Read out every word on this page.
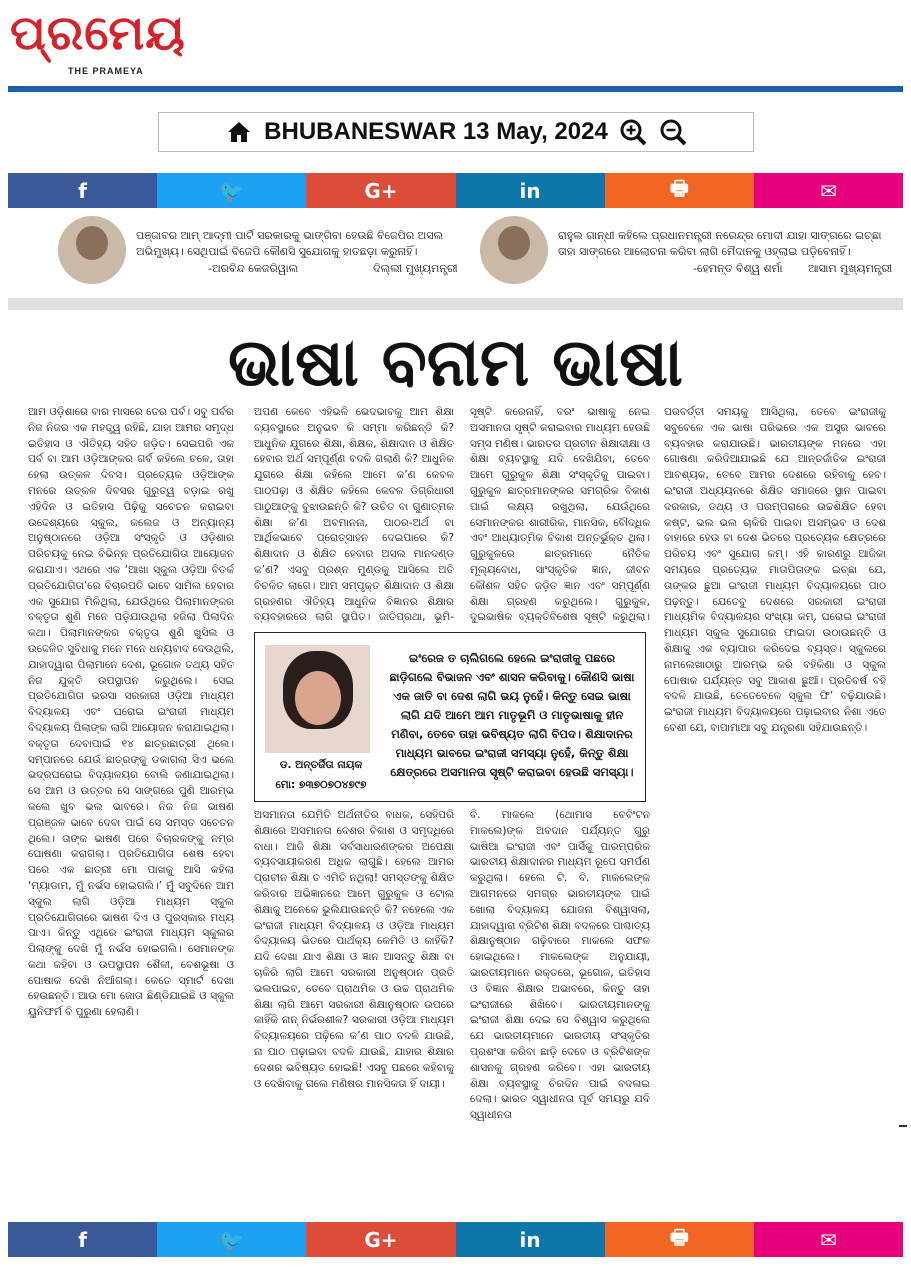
ପ୍ରମେୟ
THE PRAMEYA
BHUBANESWAR 13 May, 2024
f	🐦	G+	in	🖶	✉
ପଞ୍ଜାବର ଆମ୍ ଆଦ୍ମୀ ପାର୍ଟି ସରକାରକୁ ଭାଙ୍ଗିବା ହେଉଛି ବିଜେପିର ଅସଲ ଅଭିମୁଖ୍ୟ। ସେଥିପାଇଁ ବିଜେପି କୌଣସି ସୁଯୋଗକୁ ହାତଛଡ଼ା କରୁନାହିଁ।
-ଅରବିନ୍ଦ କେଜରିୱାଲ	ଦିଲ୍ଲୀ ମୁଖ୍ୟମନ୍ତ୍ରୀ
ରାହୁଲ ଗାନ୍ଧୀ କହିଲେ ପ୍ରଧାନମନ୍ତ୍ରୀ ନରେନ୍ଦ୍ର ମୋଦୀ ଯାହା ସାଙ୍ଗରେ ଇଚ୍ଛା ତାହା ସାଙ୍ଗରେ ଆଲୋଚନା କରିବା ଲାଗି ମୈଦାନକୁ ଓହ୍ଲାଇ ପଡ଼ିବେନାହିଁ।
-ହେମନ୍ତ ବିଶ୍ୱ ଶର୍ମା ଆସାମ ମୁଖ୍ୟମନ୍ତ୍ରୀ
ଭାଷା ବନାମ ଭାଷା
ଆମ ଓଡ଼ିଶାରେ ବାର ମାସରେ ତେର ପର୍ବ। ସବୁ ପର୍ବର ନିଜ ନିଜର ଏକ ମହତ୍ତ୍ୱ ରହିଛି, ଯାହା ଆମର ସମୃଦ୍ଧ ଇତିହାସ ଓ ଐତିହ୍ୟ ସହିତ ଜଡ଼ିତ। ସେଇପରି ଏକ ପର୍ବ ବା ଆମ ଓଡ଼ିଆଙ୍କର ଗର୍ବ କହିଲେ ଚଳେ, ତାହା ହେଲା ଉତ୍କଳ ଦିବସ। ପ୍ରତେ୍ୟକ ଓଡ଼ିଆଙ୍କ ମନରେ ଉତ୍କଳ ଦିବସର ଗୁରୁତ୍ୱ ବଡ଼ାଇ ରଖୁ ଏହିଦିନ ଓ ଇତିହାସ ପିଢ଼ିକୁ ସଚେତନ କରାଇବା ଉଦ୍ଦେଶ୍ୟରେ ସ୍କୁଲ, କଲେଜ ଓ ଅନ୍ୟାନ୍ୟ ଅନୁଷ୍ଠାନରେ ଓଡ଼ିଆ ସଂସ୍କୃତି ଓ ଓଡ଼ିଶାର ପରିଚୟକୁ ନେଇ ବିଭିନ୍ନ ପ୍ରତିଯୋଗିତା ଆୟୋଜନ କରାଯାଏ। ଏଥରେ ଏକ ‘ଆଖା ସ୍କୁଲ ଓଡ଼ିଆ ବିତର୍କ ପ୍ରତିଯୋଗିତା’ରେ ବିଚାରପତି ଭାବେ ସାମିଲ ହେବାର ଏକ ସୁଯୋଗ ମିଳିଥିଲା, ଯେଉଁଥିରେ ପିଲାମାନଙ୍କର ବକ୍ତୃତା ଶୁଣି ମନେ ପଡ଼ିଯାଉଥିଲା ହଜିଲା ପିଲାଦିନ କଥା। ପିଲାମାନଙ୍କର ବକ୍ତୃତା ଶୁଣି ଖୁସିଲ ଓ ଉଦ୍ଦେଳିତ ସୁବିଧାକୁ ମନେ ମନେ ଧନ୍ୟବାଦ ଦେଉଥିଲି, ଯାହାଦ୍ୱାରା ପିଲାମାନେ ଦେଶ, ଭୂଗୋଳ ତଥ୍ୟ ସହିତ ନିଜ ଯୁକ୍ତି ଉପସ୍ଥାପନ କରୁଥିଲେ। ସେଇ ପ୍ରତିଯୋଗିତା ଭରସା ସରକାରୀ ଓଡ଼ିଆ ମାଧ୍ୟମ ବିଦ୍ୟାଳୟ ଏବଂ ଘରୋଇ ଇଂରାଜୀ ମାଧ୍ୟମ ବିଦ୍ୟାଳୟ ପିଲାଙ୍କ ଲାଗି ଆୟୋଜନ କରାଯାଇଥିଲା। ବକ୍ତୃତା ଦେବାପାଇଁ ୧୪ ଛାତ୍ରଛାତ୍ରୀ ଥିଲେ। ସମ୍ପାନରେ ଯେଉଁ ଛାତ୍ରଙ୍କୁ ଡକାଗଲା ସିଏ ଭଲେ ଭଦ୍ରଘରୋଇ ବିଦ୍ୟାଳୟର ବୋଲି ଜଣାଯାଇଥିଲା। ସେ ଆମ ଓ ଉତ୍ତର ସେ ସାଙ୍ଗରେ ପୁଣି ଆରମ୍ଭ କଲେ ଖୁବ ଭଲ ଭାବରେ। ନିଜ ନିଜ ଭାଷଣ ପ୍ରାଞ୍ଜଳ ଭାବେ ଦେବା ପାଇଁ ସେ ସମସ୍ତ ସଚେତନ ଥିଲେ। ତାଙ୍କ ଭାଷଣ ପରେ ବିଚାରକଙ୍କୁ ନମ୍ର ଘୋଷଣା କରାଗଲା। ପ୍ରତିଯୋଗିତା ଶେଷ ହେବା ପରେ ଏକ ଛାତ୍ରୀ ମୋ ପାଖକୁ ଆସି କହିଲା ‘ମ୍ୟାଡାମ, ମୁଁ ନର୍ଭସ ହୋଇଗଲି।’ ମୁଁ ସବୁଦିନେ ଆମ ସ୍କୁଲ ଲାଗି ଓଡ଼ିଆ ମାଧ୍ୟମ ସ୍କୁଲ ପ୍ରତିଯୋଗିତାରେ ଭାଷଣ ଦିଏ ଓ ପୁରସ୍କାର ମଧ୍ୟ ପାଏ। କିନ୍ତୁ ଏଥିରେ ଇଂରାଜୀ ମାଧ୍ୟମ ସ୍କୁଲର ପିଲାଙ୍କୁ ଦେଖି ମୁଁ ନର୍ଭସ ହୋଇଗଲି। ସେମାନଙ୍କ କଥା କହିବା ଓ ଉପସ୍ଥାପନ ଶୈଳୀ, ବେଶଭୂଷା ଓ ପୋଷାକ ଦେଖି ନିଆଁଗଲା। କେତେ ସ୍ମାର୍ଟ ଦେଖା ହେଉଛନ୍ତି। ଆଉ ମୋ ଜୋତା ଛିଣ୍ଡିଯାଇଛି ଓ ସ୍କୁଲ ୟୁନିଫର୍ମ ବି ପୁରୁଣା ହେଲାଣି।
ଅପଣ କେବେ ଏହିଭଳି ଭେଦଭାବକୁ ଆମ ଶିକ୍ଷା ବ୍ୟବସ୍ଥାରେ ଅନୁଭବ କି ସମ୍ମା କରିଛନ୍ତି କି? ଆଧୁନିକ ଯୁଗରେ ଶିକ୍ଷା, ଶିକ୍ଷକ, ଶିକ୍ଷାଦାନ ଓ ଶିକ୍ଷିତ ହେବାର ଅର୍ଥ ସମ୍ପୂର୍ଣ୍ଣ ବଦଳି ଗଲାଣି କି? ଆଧୁନିକ ଯୁଗରେ ଶିକ୍ଷା କହିଲେ ଆମେ କ’ଣ କେବଳ ପାଠପଢ଼ା ଓ ଶିକ୍ଷିତ କହିଲେ କେବଳ ଡିଗ୍ରିଧାରୀ ପାଠୁଆଙ୍କୁ ବୁଝାଉଛନ୍ତି କି? ଉଚିତ ବା ଗୁଣାତ୍ମକ ଶିକ୍ଷା କ’ଣ ଅବମାନନା, ପାଠର-ଅର୍ଥ ବା ଆର୍ଥିକଭାବେ ପ୍ରୋତ୍ସାହନ ଦେଇପାରେ କି? ଶିକ୍ଷାଦାନ ଓ ଶିକ୍ଷିତ ହେବାର ଅସଲ ମାନଦଣ୍ଡ କ’ଣ? ଏସବୁ ପ୍ରଶ୍ନ ମୁଣ୍ଡକୁ ଆସିଲେ ଅତି ବିଚଳିତ ଲାଗେ। ଆମ ସମ୍ପୃକ୍ତ ଶିକ୍ଷାଦାନ ଓ ଶିକ୍ଷା ଗ୍ରହଣର ଐତିହ୍ୟ ଆଧୁନିକ ବିଜ୍ଞାନର ଶିକ୍ଷାର ବ୍ୟବହାରରେ ଲାଗି ସ୍ଥାପିତ। ଜାତିପ୍ରଥା, ଭୂମି-
ସୃଷ୍ଟି କରେନାହିଁ, ବରଂ ଭାଷାକୁ ନେଇ ଅସମାନତା ସୃଷ୍ଟି କରାଇବାର ମାଧ୍ୟମ ହେଉଛି ସମ୍ସ ମଣିଷ। ଭାରତର ପ୍ରଚୀନ ଶିକ୍ଷାଦୀକ୍ଷା ଓ ଶିକ୍ଷା ବ୍ୟବସ୍ଥାକୁ ଯଦି ଦେଖିଯିବା, ତେବେ ଆମେ ଗୁରୁକୁଳ ଶିକ୍ଷା ସଂସ୍କୃତିକୁ ପାଇବା। ଗୁରୁକୁଳ ଛାତ୍ରମାନଙ୍କର ସମଗ୍ରିକ ବିକାଶ ପାଇଁ ଲକ୍ଷ୍ୟ ରଖୁଥିଲା, ଯେଉଁଥିରେ ସେମାନଙ୍କର ଶାରୀରିକ, ମାନସିକ, ବୌଦ୍ଧିକ ଏବଂ ଆଧ୍ୟାତ୍ମିକ ବିକାଶ ଅନ୍ତର୍ଭୁକ୍ତ ଥିଲା। ଗୁରୁକୁଳରେ ଛାତ୍ରମାନେ ନୈତିକ ମୂଲ୍ୟବୋଧ, ସାଂସ୍କୃତିକ ଜ୍ଞାନ, ଜୀବନ କୌଶଳ ସହିତ ଜଡ଼ିତ ଜ୍ଞାନ ଏବଂ ସମ୍ପୂର୍ଣ୍ଣ ଶିକ୍ଷା ଗ୍ରହଣ କରୁଥିଲେ। ଗୁରୁକୁଳ, ଦୁଇଭାଷିକ ବ୍ୟକ୍ତିବିଶେଷ ସୃଷ୍ଟି କରୁଥିଲା।
ପରବର୍ତ୍ତୀ ସମୟକୁ ଆସିଥିଲା, ତେବେ ଇଂରାଜୀକୁ ସବୁବେଳେ ଏକ ଭାଷା ପରିଭରେ ଏକ ଅସ୍ତ୍ର ଭାବରେ ବ୍ୟବହାର କରାଯାଉଛି। ଭାରତୀୟଙ୍କ ମନରେ ଏହା ଗୋଷଣା କରିଦିଆଯାଇଛି ଯେ ଆନ୍ତର୍ଜାତିକ ଇଂରାଜୀ ଆବଶ୍ୟକ, ତେବେ ଆମର ଦେଶରେ ରହିବାକୁ ହେବ। ଇଂରାଜୀ ଅଧ୍ୟୟନରେ ଶିକ୍ଷିତ ସମାଜରେ ସ୍ଥାନ ପାଇବା ଦରକାର, ତଥ୍ୟ ଓ ପରମ୍ପରାରେ ଉଚ୍ଚଶିକ୍ଷିତ ହେବା କଷ୍ଟ, ଭଲ ଭଲ ଚାକିରି ପାଇବା ଅସମ୍ଭବ ଓ ଦେଶ ବାହାରେ ହେଉ ବା ଦେଶ ଭିତରେ ପ୍ରତେ୍ୟକ କ୍ଷେତ୍ରରେ ପରିଚୟ ଏବଂ ସୁଯୋଗ କମ୍। ଏହି କାରଣରୁ ଆଜିକା ସମୟରେ ପ୍ରତେ୍ୟକ ମାତାପିତାଙ୍କ ଇଚ୍ଛା ଯେ, ତାଙ୍କର ଛୁଆ ଇଂରାଜୀ ମାଧ୍ୟମ ବିଦ୍ୟାଳୟରେ ପାଠ ପଢ଼ନ୍ତୁ। ଯେତେବୁ ଦେଶରେ ସରକାରୀ ଇଂରାଜୀ ମାଧ୍ୟମିକ ବିଦ୍ୟାଳୟର ସଂଖ୍ୟା କମ୍, ଘରୋଇ ଇଂରାଜୀ ମାଧ୍ୟମ ସ୍କୁଲ ସୁଯୋଗର ଫାଇଦା ଉଠାଉଛନ୍ତି ଓ ଶିକ୍ଷାକୁ ଏକ ବ୍ୟାପାର କରିଦେଇ ବ୍ୟସ୍ତ। ସ୍କୁଲରେ ନାମଲେଖାଠାରୁ ଆରମ୍ଭ କରି ବହିକିଣା ଓ ସ୍କୁଲ ପୋଷାକ ପର୍ଯ୍ୟନ୍ତ ସବୁ ଆକାଶ ଛୁଆଁ। ପ୍ରତିବର୍ଷ ବହି ବଦଳି ଯାଉଛି, ତେତେବେଳେ ସ୍କୁଲ ଫି’ ବଢ଼ିଯାଉଛି। ଇଂରାଜୀ ମାଧ୍ୟମ ବିଦ୍ୟାଳୟରେ ପଢ଼ାଇବାର ନିଶା ଏତେ ବେଶୀ ଯେ, ବାପାମାଆ ସବୁ ଯନ୍ତ୍ରଣା ସହିଯାଉଛନ୍ତି।
ଅସମାନତା ଯେମିତି ଅର୍ଥନୀତିର ବାଧକ, ସେହିପରି ଶିକ୍ଷାରେ ଅସମାନତା ଦେଶର ବିକାଶ ଓ ସମୃଦ୍ଧିରେ ବାଧା। ଆଜି ଶିକ୍ଷା ସର୍ବସାଧାରଣଙ୍କର ଅପେକ୍ଷା ବ୍ୟବସାୟୀକରଣ ଅଧିକ ଲାଗୁଛି। ହେଲେ ଆମର ପ୍ରାଚୀନ ଶିକ୍ଷା ତ ଏମିତି ନଥିଲା! ସମସ୍ତଙ୍କୁ ଶିକ୍ଷିତ କରିବାର ଅଭିଜ୍ଞାନରେ ଆମେ ଗୁରୁକୁଳ ଓ ଟୋଲ ଶିକ୍ଷାକୁ ଅନେକେ ଭୁଲିଯାଉଛନ୍ତି କି? ନହେଲେ ଏକ ଇଂରାଜୀ ମାଧ୍ୟମ ବିଦ୍ୟାଳୟ ଓ ଓଡ଼ିଆ ମାଧ୍ୟମ ବିଦ୍ୟାଳୟ ଭିତରେ ପାର୍ଥକ୍ୟ କେମିତି ଓ କାହିଁକି? ଯଦି ଦେଖା ଯାଏ ଶିକ୍ଷା ଓ ଜ୍ଞାନ ଆସନ୍ତୁ ଶିକ୍ଷା ବା ଚାକିରି ଲାଗି ଆମେ ସରକାରୀ ଅନୁଷ୍ଠାନ ପ୍ରତି ଭଲପାଇବ, ତେବେ ପ୍ରାଥମିକ ଓ ଉଚ୍ଚ ପ୍ରାଥମିକ ଶିକ୍ଷା ଲାଗି ଆମେ ସରକାରୀ ଶିକ୍ଷାନୁଷ୍ଠାନ ଉପରେ କାହିଁକି ନାନ୍ ନିର୍ଭରଶୀଳ? ସରକାରୀ ଓଡ଼ିଆ ମାଧ୍ୟମ ବିଦ୍ୟାଳୟରେ ପଢ଼ିଲେ କ’ଣ ପାଠ ବଦଳି ଯାଉଛି, ନା ପାଠ ପଢ଼ାଇବା ବଦଳି ଯାଉଛି, ଯାହାର ଶିକ୍ଷାର ଦେଶର ଭବିଷ୍ୟତ ହୋଇଛି! ଏସବୁ ପଛରେ କହିବାକୁ ଓ ଦେଖିବାକୁ ଗଲେ ମଣିଷର ମାନସିକତା ହିଁ ଦାୟୀ।
ବି. ମାକଲେ (ଥୋମାସ ବେବିଂଟନ ମାକଲେ)ଙ୍କ ଅବଦାନ ପର୍ଯ୍ୟନ୍ତ ଗୁରୁ ଭାଷିଆ ଇଂରାଜୀ ଏବଂ ପାର୍ସିକୁ ପାରମ୍ପରିକ ଭାରତୀୟ ଶିକ୍ଷାଦାନର ମାଧ୍ୟମ ରୂପେ ସମର୍ପଣ କରୁଥିଲା। ହେଲେ ଟି. ବି. ମାକଲେଙ୍କ ଆଗମନରେ ସମଗ୍ର ଭାରତୀୟଙ୍କ ପାଇଁ ଖୋଲା ବିଦ୍ୟାଳୟ ଯୋଜନା ବିଶ୍ୱାସଲା, ଯାହାଦ୍ୱାରା ବ୍ରିଟିଶ ଶିକ୍ଷା ବଦଳରେ ପାଶ୍ଚାତ୍ୟ ଶିକ୍ଷାନୁଷ୍ଠାନ ଗଢ଼ିବାରେ ମାକଲେ ସଫଳ ହୋଇଥିଲେ। ମାକଲେଙ୍କ ଅନୁଯାୟୀ, ଭାରତୀୟମାନେ ରକ୍ତରେ, ଭୂଗୋଳ, ଇତିହାସ ଓ ବିଜ୍ଞାନ ଶିକ୍ଷାର ଅଭାବରେ, କିନ୍ତୁ ତାହା ଇଂରାଜୀରେ ଶିଖିବେ। ଭାରତୀୟମାନଙ୍କୁ ଇଂରାଜୀ ଶିକ୍ଷା ଦେଇ ସେ ବିଶ୍ୱାସ କରୁଥିଲେ ଯେ ଭାରତୀୟମାନେ ଭାରତୀୟ ସଂସ୍କୃତିର ପ୍ରଶଂସା କରିବା ଛାଡ଼ି ଦେବେ ଓ ବ୍ରିଟିଶଙ୍କ ଶାସନକୁ ଗ୍ରହଣ କରିବେ। ଏହା ଭାରତୀୟ ଶିକ୍ଷା ବ୍ୟବସ୍ଥାକୁ ଚିରଦିନ ପାଇଁ ବଦଳାଇ ଦେଲା। ଭାରତ ସ୍ୱାଧୀନତା ପୂର୍ବ ସମୟରୁ ଯଦି ସ୍ୱାଧୀନତା
ଡ. ଅନ୍ତର୍ଜିତା ନାୟକ
ମୋ: ୭୩୭୦୭୦୪୭୯୭
ଇଂରେଜ ତ ଚାଲିଗଲେ ହେଲେ ଇଂରାଜୀକୁ ପଛରେ ଛାଡ଼ିଗଲେ ବିଭାଜନ ଏବଂ ଶାସନ କରିବାକୁ। କୌଣସି ଭାଷା ଏକ ଜାତି ବା ଦେଶ ଲାଗି ଭୟ ନୁହେଁ। କିନ୍ତୁ ସେଇ ଭାଷା ଲାଗି ଯଦି ଆମେ ଆମ ମାତୃଭୂମି ଓ ମାତୃଭାଷାକୁ ହୀନ ମଣିବା, ତେବେ ତାହା ଭବିଷ୍ୟତ ଲାଗି ବିପଦ। ଶିକ୍ଷାଦାନର ମାଧ୍ୟମ ଭାବରେ ଇଂରାଜୀ ସମସ୍ୟା ନୁହେଁ, କିନ୍ତୁ ଶିକ୍ଷା କ୍ଷେତ୍ରରେ ଅସମାନତା ସୃଷ୍ଟି କରାଇବା ହେଉଛି ସମସ୍ୟା।
f	🐦	G+	in	🖶	✉
